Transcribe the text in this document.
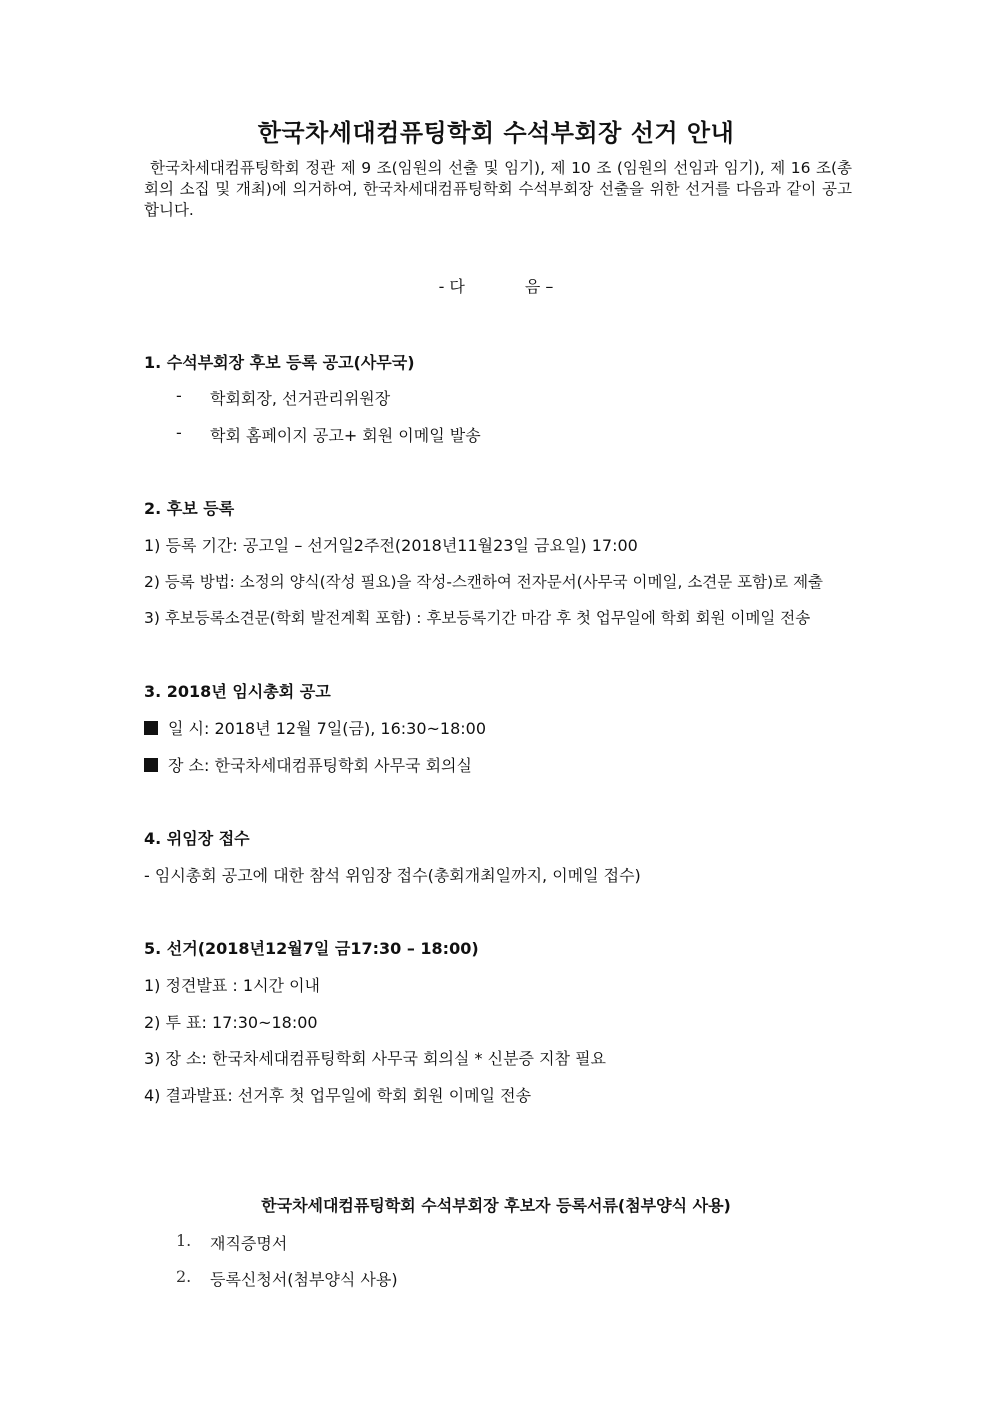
한국차세대컴퓨팅학회 수석부회장 선거 안내
한국차세대컴퓨팅학회 정관 제 9 조(임원의 선출 및 임기), 제 10 조 (임원의 선임과 임기), 제 16 조(총회의 소집 및 개최)에 의거하여, 한국차세대컴퓨팅학회 수석부회장 선출을 위한 선거를 다음과 같이 공고합니다.
- 다	음 –
1. 수석부회장 후보 등록 공고(사무국)
- 학회회장, 선거관리위원장
- 학회 홈페이지 공고+ 회원 이메일 발송
2. 후보 등록
1) 등록 기간: 공고일 – 선거일2주전(2018년11월23일 금요일) 17:00
2) 등록 방법: 소정의 양식(작성 필요)을 작성-스캔하여 전자문서(사무국 이메일, 소견문 포함)로 제출
3) 후보등록소견문(학회 발전계획 포함) : 후보등록기간 마감 후 첫 업무일에 학회 회원 이메일 전송
3. 2018년 임시총회 공고
일 시: 2018년 12월 7일(금), 16:30~18:00
장 소: 한국차세대컴퓨팅학회 사무국 회의실
4. 위임장 접수
- 임시총회 공고에 대한 참석 위임장 접수(총회개최일까지, 이메일 접수)
5. 선거(2018년12월7일 금17:30 – 18:00)
1) 정견발표 : 1시간 이내
2) 투 표: 17:30~18:00
3) 장 소: 한국차세대컴퓨팅학회 사무국 회의실 * 신분증 지참 필요
4) 결과발표: 선거후 첫 업무일에 학회 회원 이메일 전송
한국차세대컴퓨팅학회 수석부회장 후보자 등록서류(첨부양식 사용)
1. 재직증명서
2. 등록신청서(첨부양식 사용)
